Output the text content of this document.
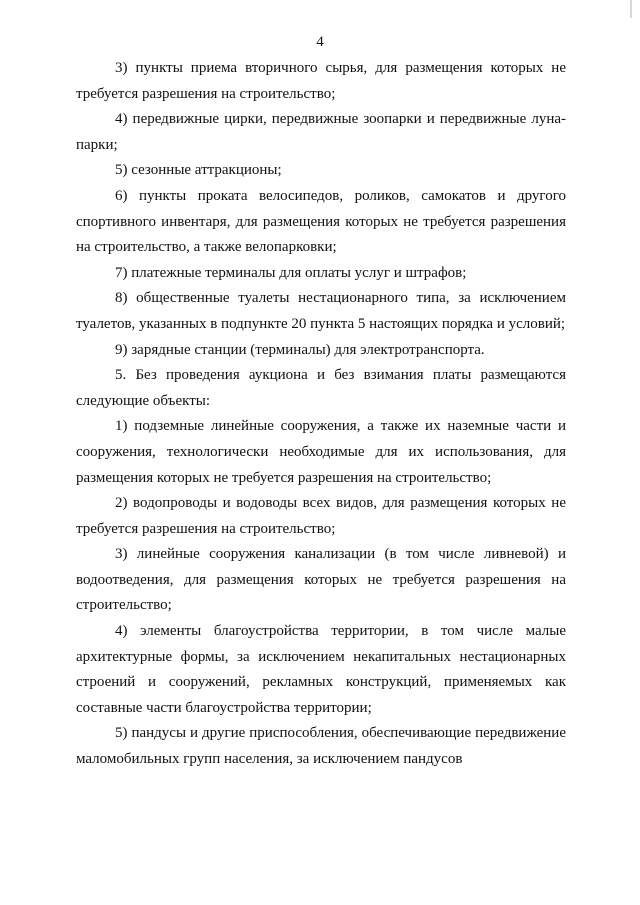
4

3) пункты приема вторичного сырья, для размещения которых не требуется разрешения на строительство;

4) передвижные цирки, передвижные зоопарки и передвижные луна-парки;

5) сезонные аттракционы;

6) пункты проката велосипедов, роликов, самокатов и другого спортивного инвентаря, для размещения которых не требуется разрешения на строительство, а также велопарковки;

7) платежные терминалы для оплаты услуг и штрафов;

8) общественные туалеты нестационарного типа, за исключением туалетов, указанных в подпункте 20 пункта 5 настоящих порядка и условий;

9) зарядные станции (терминалы) для электротранспорта.

5. Без проведения аукциона и без взимания платы размещаются следующие объекты:

1) подземные линейные сооружения, а также их наземные части и сооружения, технологически необходимые для их использования, для размещения которых не требуется разрешения на строительство;

2) водопроводы и водоводы всех видов, для размещения которых не требуется разрешения на строительство;

3) линейные сооружения канализации (в том числе ливневой) и водоотведения, для размещения которых не требуется разрешения на строительство;

4) элементы благоустройства территории, в том числе малые архитектурные формы, за исключением некапитальных нестационарных строений и сооружений, рекламных конструкций, применяемых как составные части благоустройства территории;

5) пандусы и другие приспособления, обеспечивающие передвижение маломобильных групп населения, за исключением пандусов
